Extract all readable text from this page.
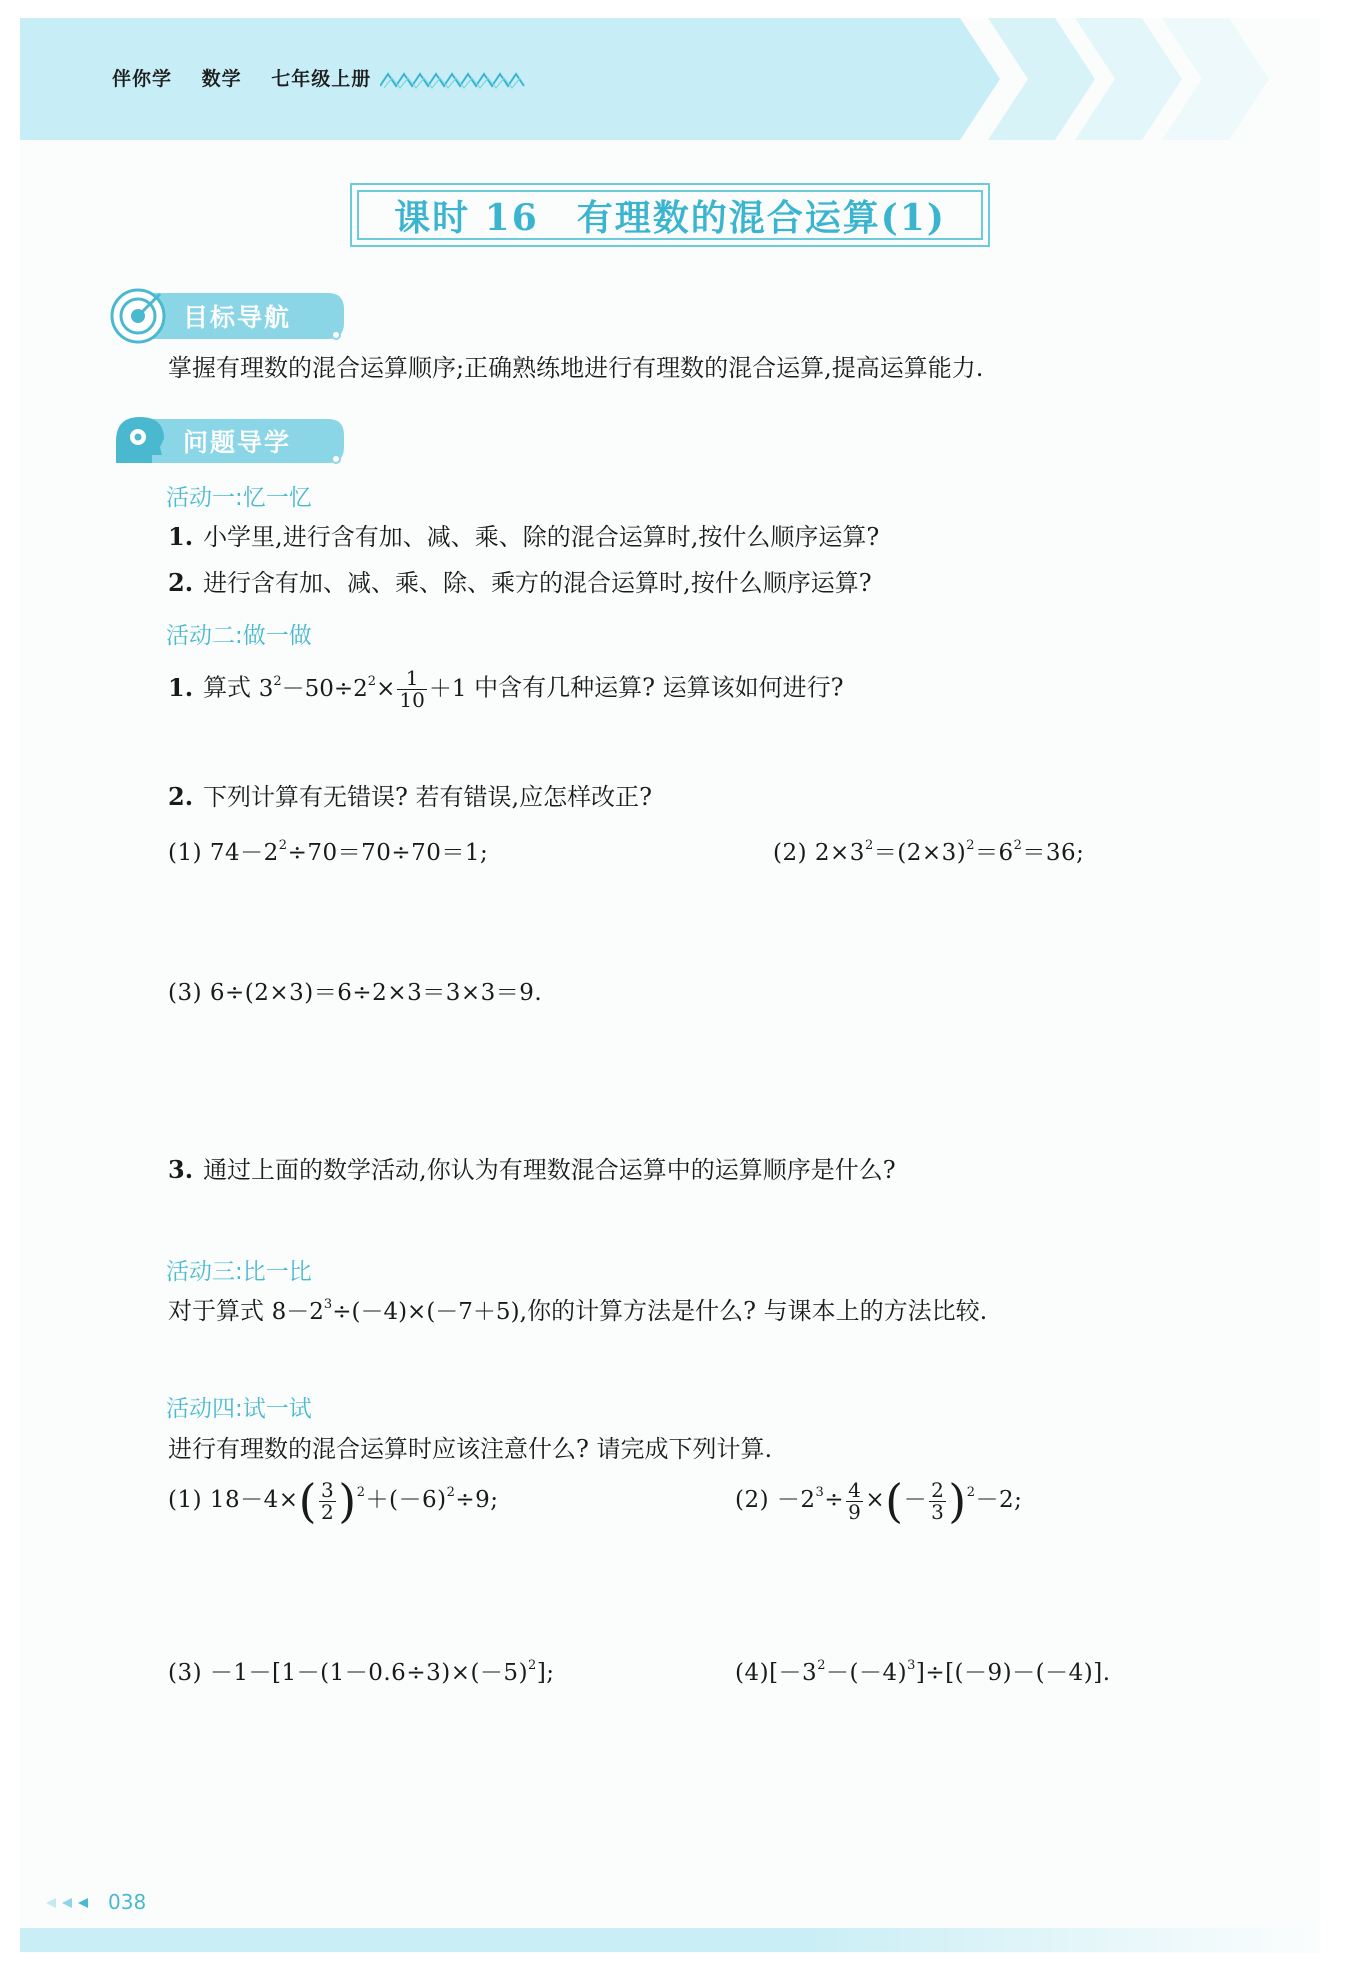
伴你学 数学 七年级上册
课时 16　有理数的混合运算(1)
目标导航
掌握有理数的混合运算顺序;正确熟练地进行有理数的混合运算,提高运算能力.
问题导学
活动一:忆一忆
1. 小学里,进行含有加、减、乘、除的混合运算时,按什么顺序运算?
2. 进行含有加、减、乘、除、乘方的混合运算时,按什么顺序运算?
活动二:做一做
1. 算式 $3^2-50\div 2^2\times \frac{1}{10} +1$ 中含有几种运算? 运算该如何进行?
2. 下列计算有无错误? 若有错误,应怎样改正?
(1) $74-2^2\div 70=70\div 70=1$;	(2) $2\times 3^2=(2\times 3)^2=6^2=36$;
(3) 6÷(2×3)＝6÷2×3＝3×3＝9.
3. 通过上面的数学活动,你认为有理数混合运算中的运算顺序是什么?
活动三:比一比
对于算式 $8-2^3\div(-4)\times(-7+5)$,你的计算方法是什么? 与课本上的方法比较.
活动四:试一试
进行有理数的混合运算时应该注意什么? 请完成下列计算.
(1) $18-4\times( \frac{3}{2} )^2+(-6)^2\div 9$;	$(2) -2^3\div \frac{4}{9}$ ×(－ $\frac{2}{3} )^2-2$;
$(3) -1-[1-(1-0.6\div 3)\times(-5)^2]$;	$(4)[-3^2-(-4)^3]\div[(-9)-(-4)]$.
038
